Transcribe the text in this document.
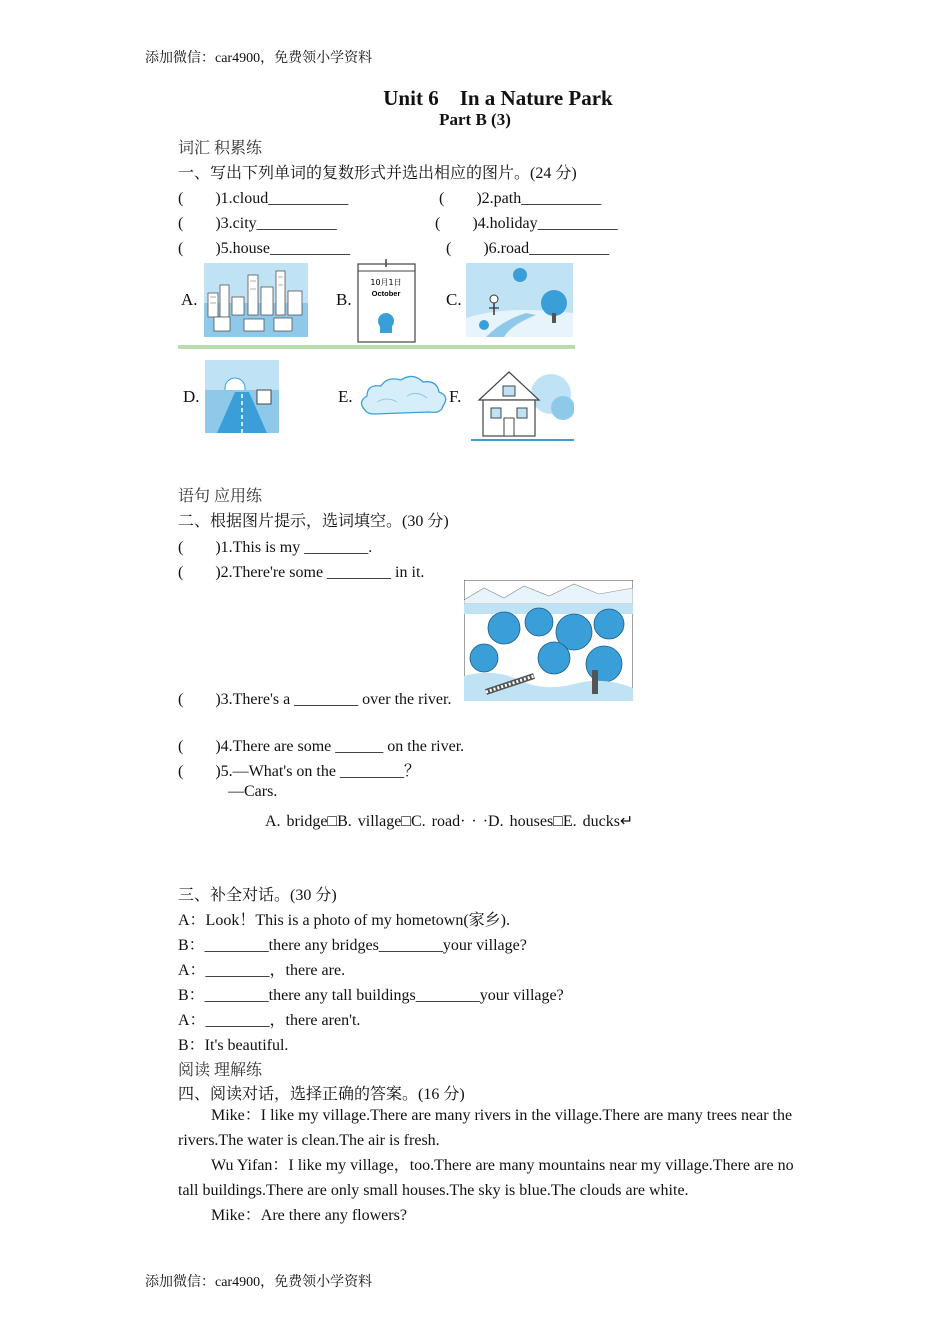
添加微信：car4900，免费领小学资料
Unit 6　In a Nature Park
Part B (3)
词汇 积累练
一、写出下列单词的复数形式并选出相应的图片。(24 分)
(　　)1.cloud__________	(　　)2.path__________
(　　)3.city__________	(　　)4.holiday__________
(　　)5.house__________	(　　)6.road__________
A.	B.	C.
D.	E.	F.
10月1日
October
语句 应用练
二、根据图片提示，选词填空。(30 分)
(　　)1.This is my ________.
(　　)2.There're some ________ in it.
(　　)3.There's a ________ over the river.
(　　)4.There are some ______ on the river.
(　　)5.—What's on the ________？
—Cars.
A. bridge□B. village□C. road· · ·D. houses□E. ducks↵
三、补全对话。(30 分)
A：Look！This is a photo of my hometown(家乡).
B：________there any bridges________your village?
A：________，there are.
B：________there any tall buildings________your village?
A：________，there aren't.
B：It's beautiful.
阅读 理解练
四、阅读对话，选择正确的答案。(16 分)
Mike：I like my village.There are many rivers in the village.There are many trees near the rivers.The water is clean.The air is fresh.
Wu Yifan：I like my village，too.There are many mountains near my village.There are no tall buildings.There are only small houses.The sky is blue.The clouds are white.
Mike：Are there any flowers?
添加微信：car4900，免费领小学资料
